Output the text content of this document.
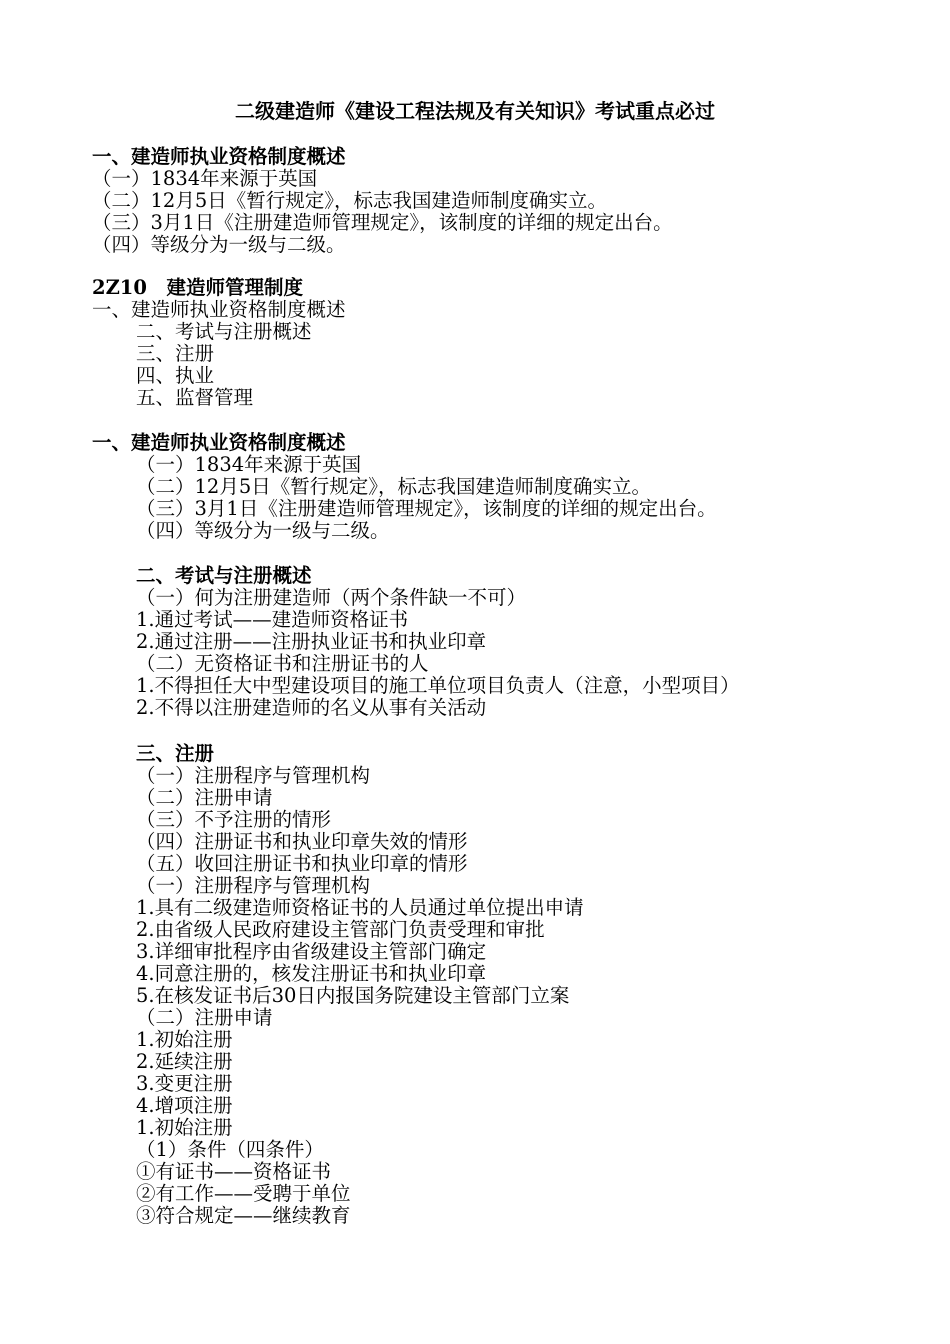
二级建造师《建设工程法规及有关知识》考试重点必过
一、建造师执业资格制度概述
（一）1834年来源于英国
（二）12月5日《暂行规定》，标志我国建造师制度确实立。
（三）3月1日《注册建造师管理规定》，该制度的详细的规定出台。
（四）等级分为一级与二级。
2Z10　建造师管理制度
一、建造师执业资格制度概述
二、考试与注册概述
三、注册
四、执业
五、监督管理
一、建造师执业资格制度概述
（一）1834年来源于英国
（二）12月5日《暂行规定》，标志我国建造师制度确实立。
（三）3月1日《注册建造师管理规定》，该制度的详细的规定出台。
（四）等级分为一级与二级。
二、考试与注册概述
（一）何为注册建造师（两个条件缺一不可）
1.通过考试——建造师资格证书
2.通过注册——注册执业证书和执业印章
（二）无资格证书和注册证书的人
1.不得担任大中型建设项目的施工单位项目负责人（注意，小型项目）
2.不得以注册建造师的名义从事有关活动
三、注册
（一）注册程序与管理机构
（二）注册申请
（三）不予注册的情形
（四）注册证书和执业印章失效的情形
（五）收回注册证书和执业印章的情形
（一）注册程序与管理机构
1.具有二级建造师资格证书的人员通过单位提出申请
2.由省级人民政府建设主管部门负责受理和审批
3.详细审批程序由省级建设主管部门确定
4.同意注册的，核发注册证书和执业印章
5.在核发证书后30日内报国务院建设主管部门立案
（二）注册申请
1.初始注册
2.延续注册
3.变更注册
4.增项注册
1.初始注册
（1）条件（四条件）
①有证书——资格证书
②有工作——受聘于单位
③符合规定——继续教育
